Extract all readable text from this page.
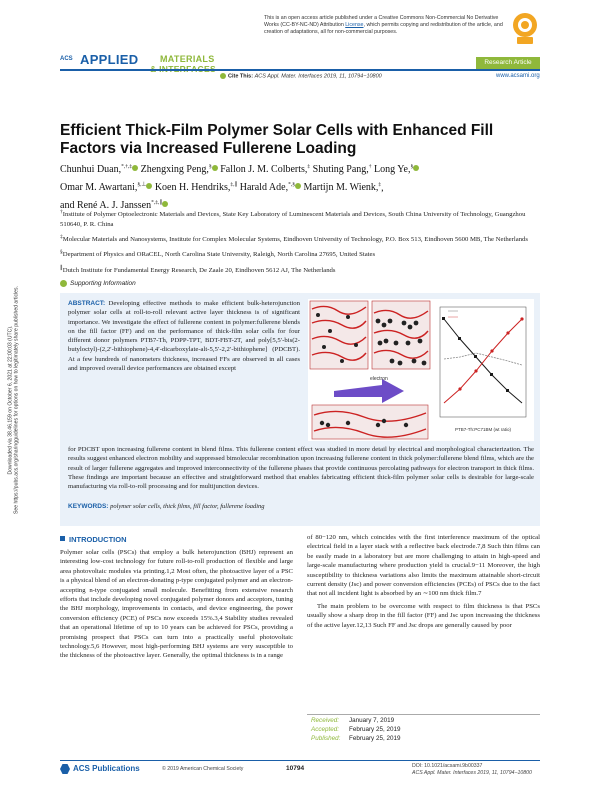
Downloaded via 38.46.159 on October 6, 2021 at 22:00:03 (UTC). See https://pubs.acs.org/sharingguidelines for options on how to legitimately share published articles.
This is an open access article published under a Creative Commons Non-Commercial No Derivative Works (CC-BY-NC-ND) Attribution License, which permits copying and redistribution of the article, and creation of adaptations, all for non-commercial purposes.
ACS APPLIED MATERIALS	Research Article
Cite This: ACS Appl. Mater. Interfaces 2019, 11, 10794−10800	www.acsami.org
Efficient Thick-Film Polymer Solar Cells with Enhanced Fill Factors via Increased Fullerene Loading
Chunhui Duan,*,†,‡ Zhengxing Peng,§ Fallon J. M. Colberts,‡ Shuting Pang,† Long Ye,§
Omar M. Awartani,§,⊥ Koen H. Hendriks,‡,∥ Harald Ade,*,§ Martijn M. Wienk,‡,
and René A. J. Janssen*,‡,∥

†Institute of Polymer Optoelectronic Materials and Devices, State Key Laboratory of Luminescent Materials and Devices, South China University of Technology, Guangzhou 510640, P. R. China

‡Molecular Materials and Nanosystems, Institute for Complex Molecular Systems, Eindhoven University of Technology, P.O. Box 513, Eindhoven 5600 MB, The Netherlands

§Department of Physics and ORaCEL, North Carolina State University, Raleigh, North Carolina 27695, United States

∥Dutch Institute for Fundamental Energy Research, De Zaale 20, Eindhoven 5612 AJ, The Netherlands

Supporting Information
ABSTRACT: Developing effective methods to make efficient bulk-heterojunction polymer solar cells at roll-to-roll relevant active layer thickness is of significant importance. We investigate the effect of fullerene content in polymer:fullerene blends on the fill factor (FF) and on the performance of thick-film solar cells for four different donor polymers PTB7-Th, PDPP-TPT, BDT-FBT-2T, and poly[5,5′-bis(2-butyloctyl)-(2,2′-bithiophene)-4,4′-dicarboxylate-alt-5,5′-2,2′-bithiophene] (PDCBT). At a few hundreds of nanometers thickness, increased FFs are observed in all cases and improved overall device performances are obtained except
electron
PTB7-Th:PC71BM (wt ratio)
for PDCBT upon increasing fullerene content in blend films. This fullerene content effect was studied in more detail by electrical and morphological characterization. The results suggest enhanced electron mobility and suppressed bimolecular recombination upon increasing fullerene content in thick polymer:fullerene blend films, which are the result of larger fullerene aggregates and improved interconnectivity of the fullerene phases that provide continuous percolating pathways for electron transport in thick films. These findings are important because an effective and straightforward method that enables fabricating efficient thick-film polymer solar cells is desirable for large-scale manufacturing via roll-to-roll processing and for multijunction devices.
KEYWORDS: polymer solar cells, thick films, fill factor, fullerene loading
INTRODUCTION
Polymer solar cells (PSCs) that employ a bulk heterojunction (BHJ) represent an interesting low-cost technology for future roll-to-roll production of flexible and large area photovoltaic modules via printing.1,2 Most often, the photoactive layer of a PSC is a physical blend of an electron-donating p-type conjugated polymer and an electron-accepting n-type conjugated small molecule. Benefitting from extensive research efforts that include developing novel conjugated polymer donors and acceptors, tuning the BHJ morphology, improvements in contacts, and device engineering, the power conversion efficiency (PCE) of PSCs now exceeds 15%.3,4 Stability studies revealed that an operational lifetime of up to 10 years can be achieved for PSCs, providing a promising prospect that PSCs can turn into a practically useful photovoltaic technology.5,6 However, most high-performing BHJ systems are very susceptible to the thickness of the photoactive layer. Generally, the optimal thickness is in a range

of 80−120 nm, which coincides with the first interference maximum of the optical electrical field in a layer stack with a reflective back electrode.7,8 Such thin films can be easily made in a laboratory but are more challenging to attain in high-speed and large-scale manufacturing where production yield is crucial.9−11 Moreover, the high susceptibility to thickness variations also limits the maximum attainable short-circuit current density (Jsc) and power conversion efficiencies (PCEs) of PSCs due to the fact that not all incident light is absorbed by an ∼100 nm thick film.7

The main problem to be overcome with respect to film thickness is that PSCs usually show a sharp drop in the fill factor (FF) and Jsc upon increasing the thickness of the active layer.12,13 Such FF and Jsc drops are generally caused by poor

Received: January 7, 2019
Accepted: February 25, 2019
Published: February 25, 2019
ACS Publications	© 2019 American Chemical Society	10794	DOI: 10.1021/acsami.9b00337
ACS Appl. Mater. Interfaces 2019, 11, 10794−10800
